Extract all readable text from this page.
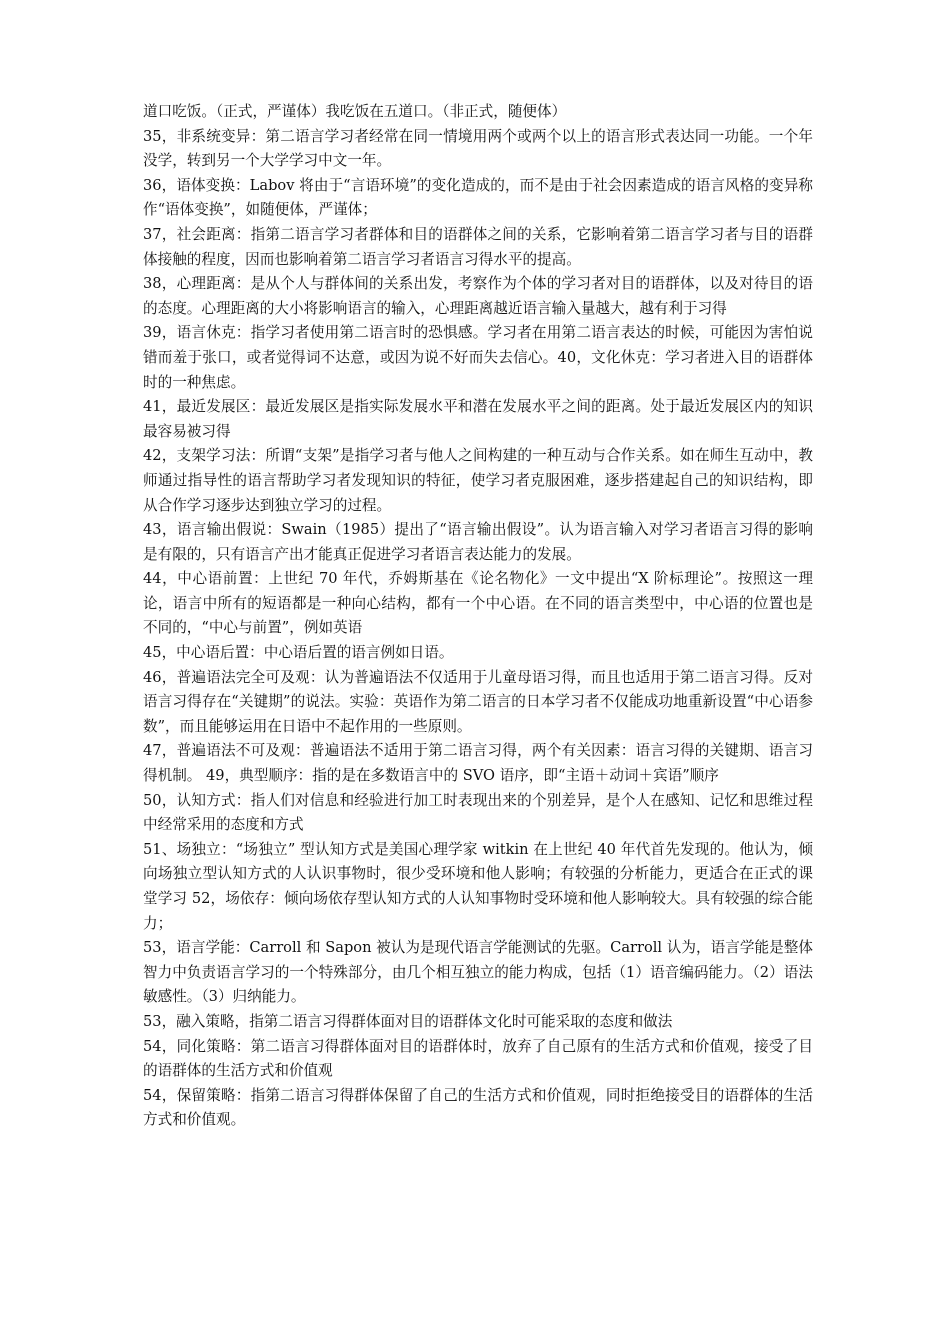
道口吃饭。（正式，严谨体）我吃饭在五道口。（非正式，随便体）

35，非系统变异：第二语言学习者经常在同一情境用两个或两个以上的语言形式表达同一功能。一个年没学，转到另一个大学学习中文一年。

36，语体变换：Labov 将由于“言语环境”的变化造成的，而不是由于社会因素造成的语言风格的变异称作“语体变换”，如随便体，严谨体；

37，社会距离：指第二语言学习者群体和目的语群体之间的关系，它影响着第二语言学习者与目的语群体接触的程度，因而也影响着第二语言学习者语言习得水平的提高。

38，心理距离：是从个人与群体间的关系出发，考察作为个体的学习者对目的语群体，以及对待目的语的态度。心理距离的大小将影响语言的输入，心理距离越近语言输入量越大，越有利于习得

39，语言休克：指学习者使用第二语言时的恐惧感。学习者在用第二语言表达的时候，可能因为害怕说错而羞于张口，或者觉得词不达意，或因为说不好而失去信心。40，文化休克：学习者进入目的语群体时的一种焦虑。

41，最近发展区：最近发展区是指实际发展水平和潜在发展水平之间的距离。处于最近发展区内的知识最容易被习得

42，支架学习法：所谓“支架”是指学习者与他人之间构建的一种互动与合作关系。如在师生互动中，教师通过指导性的语言帮助学习者发现知识的特征，使学习者克服困难，逐步搭建起自己的知识结构，即从合作学习逐步达到独立学习的过程。

43，语言输出假说：Swain（1985）提出了“语言输出假设”。认为语言输入对学习者语言习得的影响是有限的，只有语言产出才能真正促进学习者语言表达能力的发展。

44，中心语前置：上世纪 70 年代，乔姆斯基在《论名物化》一文中提出“X 阶标理论”。按照这一理论，语言中所有的短语都是一种向心结构，都有一个中心语。在不同的语言类型中，中心语的位置也是不同的，“中心与前置”，例如英语

45，中心语后置：中心语后置的语言例如日语。

46，普遍语法完全可及观：认为普遍语法不仅适用于儿童母语习得，而且也适用于第二语言习得。反对语言习得存在“关键期”的说法。实验：英语作为第二语言的日本学习者不仅能成功地重新设置“中心语参数”，而且能够运用在日语中不起作用的一些原则。

47，普遍语法不可及观：普遍语法不适用于第二语言习得，两个有关因素：语言习得的关键期、语言习得机制。 49，典型顺序：指的是在多数语言中的 SVO 语序，即“主语＋动词＋宾语”顺序

50，认知方式：指人们对信息和经验进行加工时表现出来的个别差异，是个人在感知、记忆和思维过程中经常采用的态度和方式

51、场独立：“场独立” 型认知方式是美国心理学家 witkin 在上世纪 40 年代首先发现的。他认为，倾向场独立型认知方式的人认识事物时，很少受环境和他人影响；有较强的分析能力，更适合在正式的课堂学习 52，场依存：倾向场依存型认知方式的人认知事物时受环境和他人影响较大。具有较强的综合能力；

53，语言学能：Carroll 和 Sapon 被认为是现代语言学能测试的先驱。Carroll 认为，语言学能是整体智力中负责语言学习的一个特殊部分，由几个相互独立的能力构成，包括（1）语音编码能力。（2）语法敏感性。（3）归纳能力。

53，融入策略，指第二语言习得群体面对目的语群体文化时可能采取的态度和做法

54，同化策略：第二语言习得群体面对目的语群体时，放弃了自己原有的生活方式和价值观，接受了目的语群体的生活方式和价值观

54，保留策略：指第二语言习得群体保留了自己的生活方式和价值观，同时拒绝接受目的语群体的生活方式和价值观。
